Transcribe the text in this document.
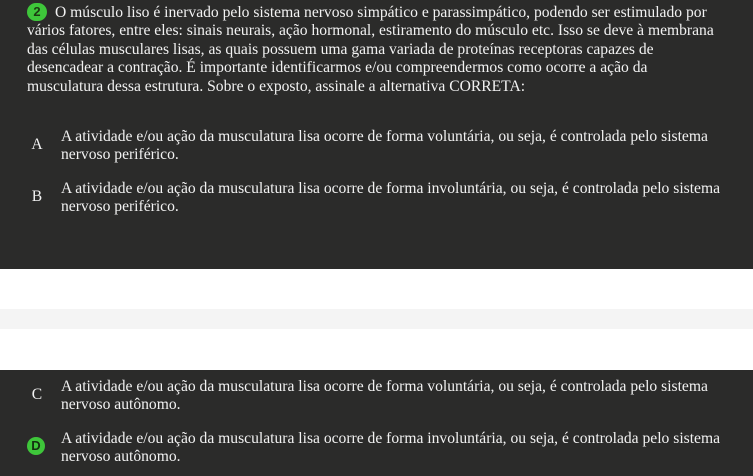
2 O músculo liso é inervado pelo sistema nervoso simpático e parassimpático, podendo ser estimulado por vários fatores, entre eles: sinais neurais, ação hormonal, estiramento do músculo etc. Isso se deve à membrana das células musculares lisas, as quais possuem uma gama variada de proteínas receptoras capazes de desencadear a contração. É importante identificarmos e/ou compreendermos como ocorre a ação da musculatura dessa estrutura. Sobre o exposto, assinale a alternativa CORRETA:
A A atividade e/ou ação da musculatura lisa ocorre de forma voluntária, ou seja, é controlada pelo sistema nervoso periférico.
B A atividade e/ou ação da musculatura lisa ocorre de forma involuntária, ou seja, é controlada pelo sistema nervoso periférico.
C A atividade e/ou ação da musculatura lisa ocorre de forma voluntária, ou seja, é controlada pelo sistema nervoso autônomo.
D A atividade e/ou ação da musculatura lisa ocorre de forma involuntária, ou seja, é controlada pelo sistema nervoso autônomo.
